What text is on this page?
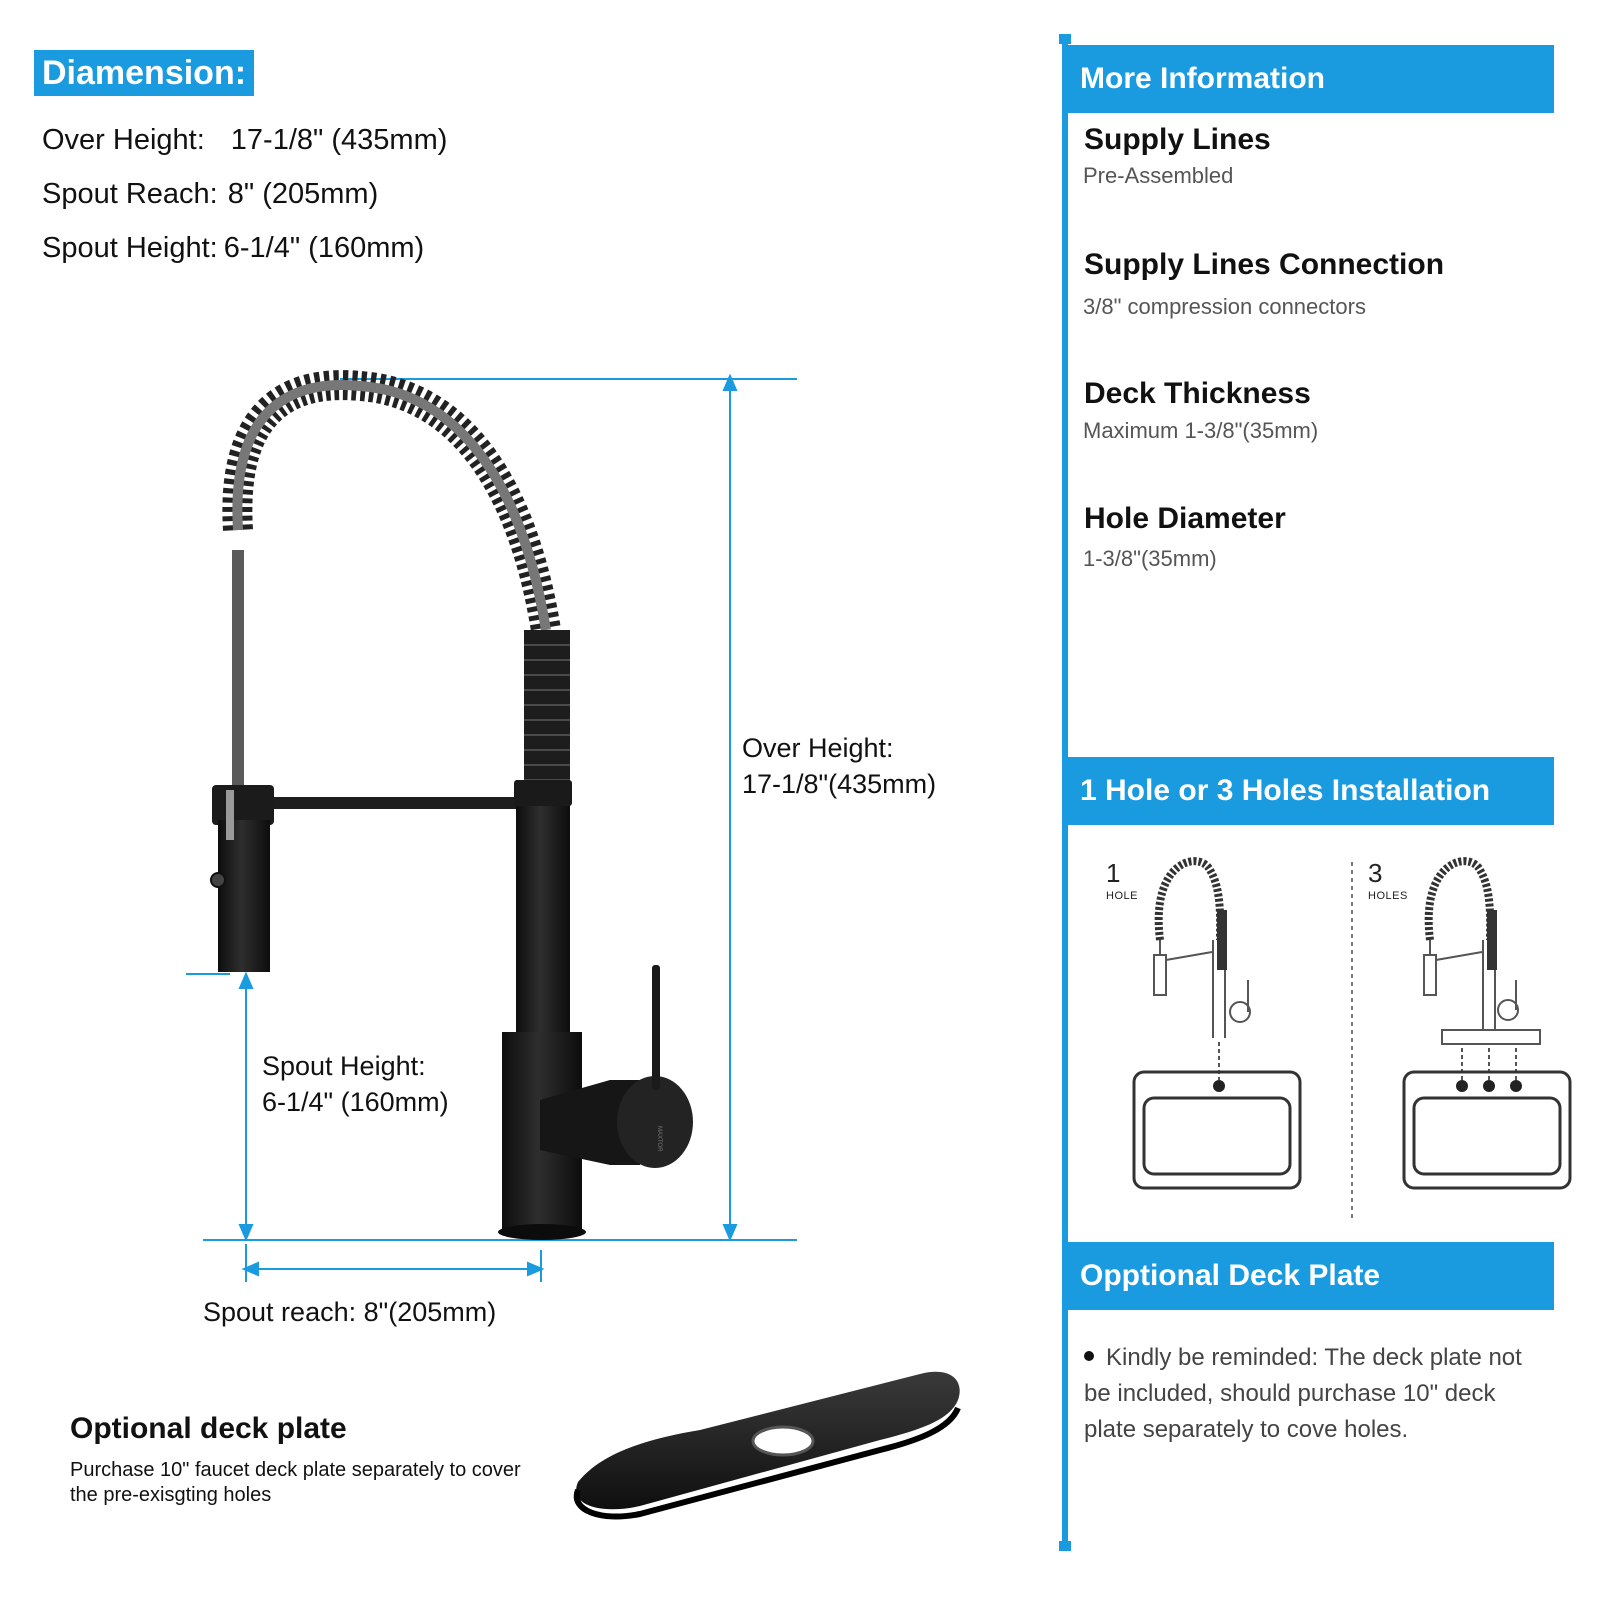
Diamension:
Over Height: 17-1/8" (435mm)
Spout Reach: 8" (205mm)
Spout Height: 6-1/4" (160mm)
MAXTOR
Over Height:
17-1/8"(435mm)
Spout Height:
6-1/4" (160mm)
Spout reach: 8"(205mm)
Optional deck plate
Purchase 10" faucet deck plate separately to cover the pre-exisgting holes
More Information
Supply Lines
Pre-Assembled
Supply Lines Connection
3/8" compression connectors
Deck Thickness
Maximum 1-3/8"(35mm)
Hole Diameter
1-3/8"(35mm)
1 Hole or 3 Holes Installation
1
HOLE
3
HOLES
Opptional Deck Plate
Kindly be reminded: The deck plate not be included, should purchase 10" deck plate separately to cove holes.
